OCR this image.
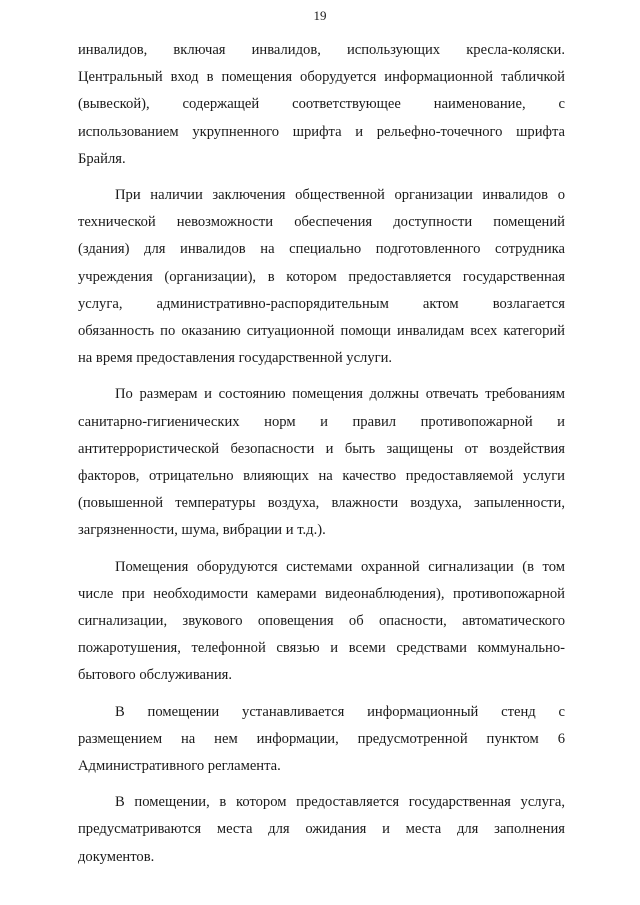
19
инвалидов, включая инвалидов, использующих кресла-коляски.
Центральный вход в помещения оборудуется информационной табличкой
(вывеской), содержащей соответствующее наименование, с
использованием укрупненного шрифта и рельефно-точечного шрифта
Брайля.
При наличии заключения общественной организации инвалидов о
технической невозможности обеспечения доступности помещений
(здания) для инвалидов на специально подготовленного сотрудника
учреждения (организации), в котором предоставляется государственная
услуга, административно-распорядительным актом возлагается
обязанность по оказанию ситуационной помощи инвалидам всех категорий
на время предоставления государственной услуги.
По размерам и состоянию помещения должны отвечать требованиям
санитарно-гигиенических норм и правил противопожарной и
антитеррористической безопасности и быть защищены от воздействия
факторов, отрицательно влияющих на качество предоставляемой услуги
(повышенной температуры воздуха, влажности воздуха, запыленности,
загрязненности, шума, вибрации и т.д.).
Помещения оборудуются системами охранной сигнализации (в том
числе при необходимости камерами видеонаблюдения), противопожарной
сигнализации, звукового оповещения об опасности, автоматического
пожаротушения, телефонной связью и всеми средствами коммунально-
бытового обслуживания.
В помещении устанавливается информационный стенд с
размещением на нем информации, предусмотренной пунктом 6
Административного регламента.
В помещении, в котором предоставляется государственная услуга,
предусматриваются места для ожидания и места для заполнения
документов.
